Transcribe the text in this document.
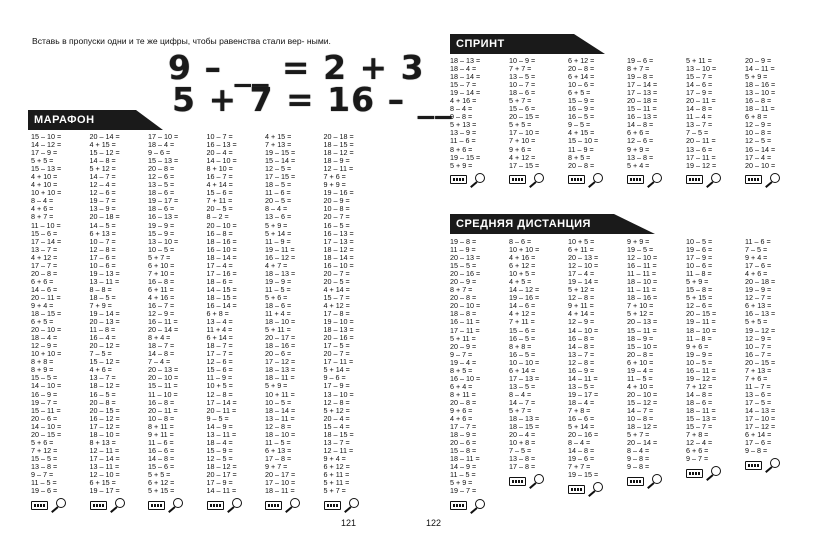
Вставь в пропуски одни и те же цифры, чтобы равенства стали вер- ными.
9 – __ = 2 + 3
5 + 7 = 16 – __
МАРАФОН
15 – 10 =
14 – 12 =
17 – 9 =
5 + 5 =
15 – 13 =
4 + 10 =
4 + 10 =
10 + 10 =
8 – 4 =
4 + 6 =
8 + 7 =
11 – 10 =
15 – 6 =
17 – 14 =
13 – 7 =
4 + 12 =
17 – 7 =
20 – 8 =
6 + 6 =
14 – 6 =
20 – 11 =
9 + 4 =
18 – 15 =
6 + 5 =
20 – 10 =
18 – 4 =
12 – 9 =
10 + 10 =
8 + 8 =
8 + 9 =
15 – 5 =
14 – 10 =
16 – 9 =
19 – 7 =
15 – 11 =
20 – 6 =
14 – 10 =
20 – 15 =
5 + 6 =
7 + 12 =
15 – 5 =
13 – 8 =
9 – 7 =
11 – 5 =
19 – 6 =
20 – 14 =
4 + 15 =
15 – 12 =
14 – 8 =
5 + 12 =
14 – 7 =
12 – 4 =
12 – 6 =
19 – 7 =
13 – 9 =
20 – 18 =
14 – 5 =
6 + 13 =
10 – 7 =
12 – 8 =
17 – 6 =
10 – 6 =
19 – 13 =
13 – 11 =
8 – 8 =
18 – 5 =
7 + 9 =
19 – 14 =
20 – 13 =
11 – 8 =
16 – 4 =
20 – 12 =
7 – 5 =
15 – 12 =
4 + 6 =
13 – 7 =
18 – 12 =
16 – 5 =
20 – 8 =
20 – 15 =
16 – 12 =
17 – 12 =
18 – 10 =
8 + 13 =
12 – 11 =
17 – 14 =
13 – 11 =
12 – 10 =
6 + 15 =
19 – 17 =
17 – 10 =
18 – 4 =
9 – 6 =
15 – 13 =
20 – 8 =
12 – 6 =
13 – 5 =
18 – 6 =
19 – 17 =
18 – 6 =
16 – 13 =
19 – 9 =
15 – 9 =
13 – 10 =
10 – 5 =
5 + 7 =
6 + 10 =
7 + 10 =
16 – 8 =
6 + 11 =
4 + 16 =
16 – 7 =
12 – 9 =
16 – 11 =
20 – 14 =
8 + 4 =
18 – 7 =
14 – 8 =
7 – 4 =
20 – 13 =
20 – 10 =
15 – 11 =
11 – 10 =
16 – 8 =
20 – 11 =
10 – 8 =
8 + 11 =
9 + 11 =
11 – 6 =
16 – 6 =
14 – 8 =
15 – 6 =
5 + 5 =
6 + 12 =
5 + 15 =
10 – 7 =
16 – 13 =
20 – 4 =
14 – 10 =
8 + 10 =
16 – 7 =
4 + 14 =
15 – 6 =
7 + 11 =
20 – 5 =
8 – 2 =
20 – 10 =
16 – 8 =
18 – 16 =
16 – 10 =
18 – 14 =
17 – 4 =
17 – 16 =
18 – 6 =
14 – 15 =
18 – 15 =
16 – 14 =
6 + 8 =
13 – 4 =
11 + 4 =
6 + 14 =
18 – 7 =
17 – 7 =
12 – 6 =
15 – 6 =
11 – 9 =
10 + 5 =
12 – 8 =
17 – 14 =
20 – 11 =
9 – 5 =
14 – 9 =
13 – 11 =
18 – 4 =
15 – 9 =
12 – 5 =
18 – 12 =
20 – 17 =
17 – 9 =
14 – 11 =
4 + 15 =
7 + 13 =
19 – 15 =
15 – 14 =
12 – 5 =
17 – 15 =
18 – 5 =
11 – 6 =
20 – 5 =
8 – 4 =
13 – 6 =
5 + 9 =
5 + 14 =
11 – 9 =
19 – 11 =
16 – 12 =
4 + 7 =
18 – 13 =
19 – 9 =
11 – 5 =
5 + 6 =
18 – 6 =
11 + 4 =
18 – 10 =
5 + 11 =
20 – 17 =
18 – 16 =
20 – 6 =
17 – 12 =
18 – 13 =
18 – 11 =
5 + 9 =
10 + 11 =
10 – 5 =
18 – 14 =
13 – 11 =
12 – 8 =
18 – 10 =
11 – 5 =
6 + 13 =
17 – 8 =
9 + 7 =
20 – 17 =
17 – 10 =
18 – 11 =
20 – 18 =
18 – 15 =
18 – 12 =
18 – 9 =
12 – 11 =
7 + 6 =
9 + 9 =
19 – 16 =
20 – 9 =
10 – 8 =
20 – 7 =
16 – 5 =
16 – 13 =
17 – 13 =
18 – 12 =
18 – 14 =
16 – 10 =
20 – 7 =
20 – 5 =
4 + 14 =
15 – 7 =
4 + 12 =
17 – 8 =
19 – 10 =
18 – 13 =
20 – 16 =
17 – 5 =
20 – 7 =
17 – 11 =
5 + 14 =
9 – 6 =
17 – 9 =
13 – 10 =
12 – 8 =
5 + 12 =
20 – 4 =
15 – 4 =
18 – 15 =
13 – 7 =
12 – 11 =
9 + 4 =
6 + 12 =
6 + 11 =
5 + 11 =
5 + 7 =
121
СПРИНТ
18 – 13 =
18 – 4 =
18 – 14 =
15 – 7 =
19 – 14 =
4 + 16 =
8 – 4 =
9 – 8 =
5 + 13 =
13 – 9 =
11 – 6 =
8 + 6 =
19 – 15 =
5 + 9 =
10 – 9 =
7 + 7 =
13 – 5 =
10 – 7 =
18 – 6 =
5 + 7 =
15 – 6 =
20 – 15 =
5 + 5 =
17 – 10 =
7 + 10 =
9 + 6 =
4 + 12 =
17 – 15 =
6 + 12 =
20 – 8 =
6 + 14 =
10 – 6 =
6 + 5 =
15 – 9 =
16 – 9 =
16 – 5 =
9 – 5 =
4 + 15 =
15 – 10 =
11 – 9 =
8 + 5 =
20 – 8 =
19 – 6 =
8 + 7 =
19 – 8 =
17 – 14 =
17 – 13 =
20 – 18 =
15 – 11 =
16 – 13 =
14 – 8 =
6 + 6 =
12 – 6 =
9 + 9 =
13 – 8 =
5 + 4 =
5 + 11 =
13 – 10 =
15 – 7 =
14 – 6 =
17 – 9 =
20 – 11 =
14 – 8 =
11 – 4 =
13 – 7 =
7 – 5 =
20 – 11 =
13 – 6 =
17 – 11 =
19 – 12 =
20 – 9 =
14 – 11 =
5 + 9 =
18 – 16 =
13 – 10 =
16 – 8 =
18 – 11 =
6 + 8 =
12 – 9 =
10 – 8 =
12 – 5 =
16 – 14 =
17 – 4 =
20 – 10 =
СРЕДНЯЯ ДИСТАНЦИЯ
19 – 8 =
11 – 9 =
20 – 13 =
15 – 5 =
20 – 16 =
20 – 9 =
8 + 7 =
20 – 8 =
20 – 10 =
18 – 8 =
16 – 11 =
17 – 11 =
5 + 11 =
20 – 9 =
9 – 7 =
19 – 4 =
8 + 5 =
16 – 10 =
6 + 4 =
8 + 11 =
20 – 8 =
9 + 6 =
4 + 6 =
17 – 7 =
18 – 9 =
20 – 6 =
15 – 8 =
18 – 11 =
14 – 9 =
11 – 5 =
5 + 9 =
19 – 7 =
8 – 6 =
10 + 10 =
4 + 16 =
6 + 12 =
10 + 5 =
4 + 5 =
14 – 12 =
19 – 16 =
14 – 6 =
4 + 12 =
7 + 11 =
15 – 6 =
16 – 5 =
8 + 8 =
16 – 5 =
10 – 10 =
6 + 14 =
17 – 13 =
13 – 5 =
8 – 4 =
14 – 7 =
5 + 7 =
18 – 13 =
18 – 15 =
20 – 4 =
10 + 8 =
7 – 5 =
13 – 8 =
17 – 8 =
10 + 5 =
6 + 11 =
20 – 13 =
12 – 10 =
17 – 4 =
19 – 14 =
5 + 12 =
12 – 8 =
9 + 11 =
4 + 14 =
12 – 9 =
14 – 10 =
16 – 8 =
14 – 8 =
13 – 7 =
12 – 8 =
16 – 9 =
14 – 11 =
13 – 5 =
19 – 17 =
18 – 4 =
7 + 8 =
16 – 6 =
5 + 14 =
20 – 16 =
8 – 4 =
14 – 8 =
19 – 6 =
7 + 7 =
19 – 15 =
9 + 9 =
19 – 5 =
12 – 10 =
16 – 11 =
11 – 11 =
18 – 10 =
11 – 11 =
18 – 16 =
7 + 10 =
5 + 12 =
20 – 13 =
15 – 11 =
18 – 9 =
15 – 10 =
20 – 8 =
6 + 10 =
19 – 4 =
11 – 5 =
4 + 10 =
20 – 10 =
15 – 12 =
14 – 7 =
10 – 8 =
18 – 12 =
5 + 7 =
20 – 14 =
8 – 4 =
9 – 8 =
9 – 8 =
10 – 5 =
19 – 6 =
17 – 9 =
10 – 6 =
11 – 8 =
5 + 9 =
15 – 8 =
5 + 15 =
12 – 6 =
20 – 15 =
19 – 11 =
18 – 10 =
11 – 8 =
9 + 6 =
19 – 9 =
10 – 5 =
16 – 11 =
19 – 12 =
7 + 12 =
14 – 8 =
18 – 6 =
18 – 11 =
15 – 13 =
15 – 7 =
7 + 8 =
12 – 4 =
6 + 6 =
9 – 7 =
11 – 6 =
7 – 5 =
9 + 4 =
17 – 6 =
4 + 6 =
20 – 18 =
19 – 9 =
12 – 7 =
6 + 13 =
16 – 13 =
5 + 5 =
19 – 12 =
12 – 9 =
10 – 7 =
16 – 7 =
20 – 15 =
7 + 13 =
7 + 6 =
11 – 7 =
13 – 6 =
17 – 5 =
14 – 13 =
17 – 10 =
17 – 12 =
6 + 14 =
17 – 6 =
9 – 8 =
122
